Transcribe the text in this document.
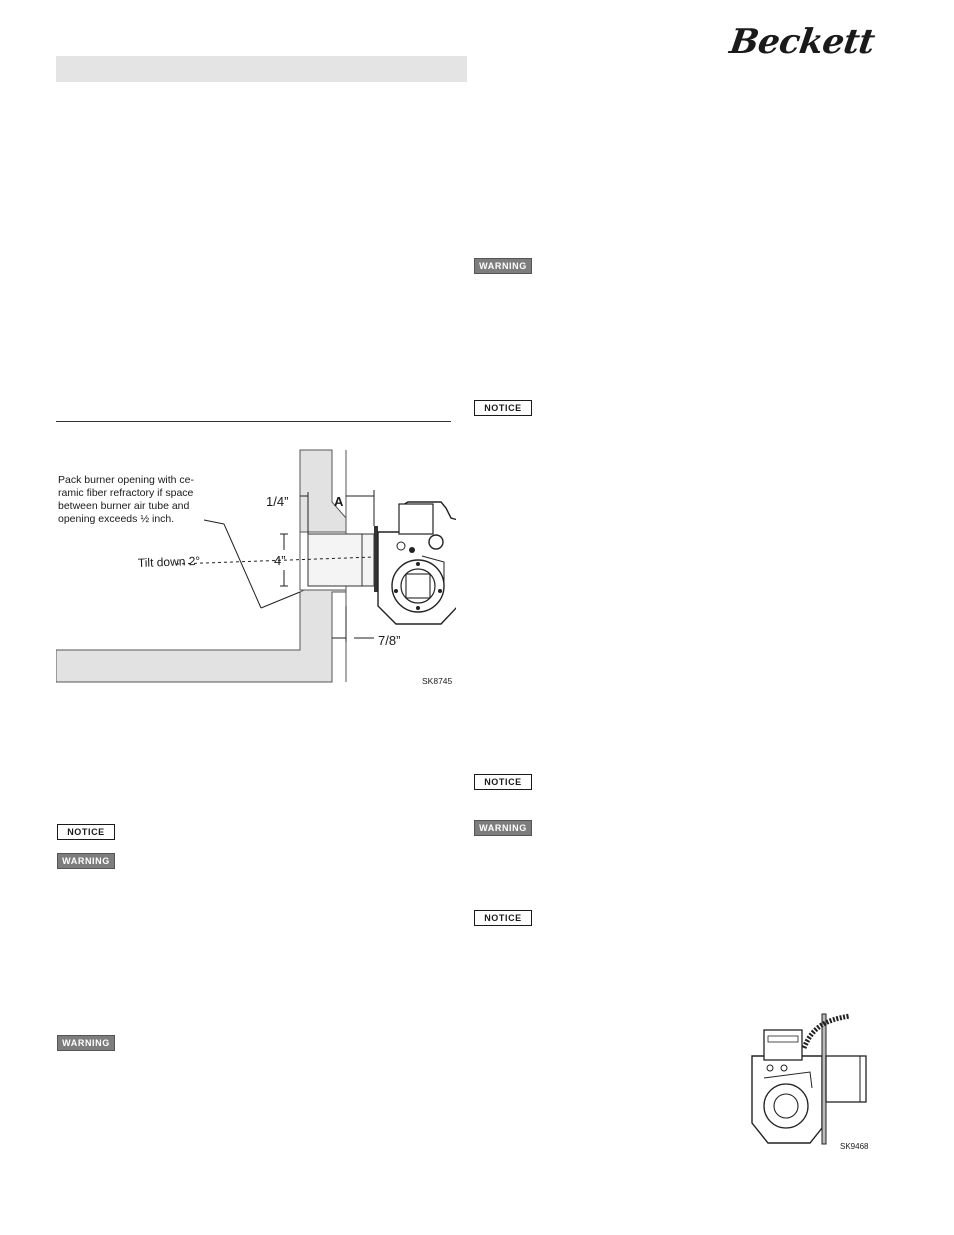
Beckett
Pack burner opening with ce-
ramic fiber refractory if space
between burner air tube and
opening exceeds ½ inch.
Tilt down 2°
1/4”	A
4”
7/8”
SK8745
NOTICE
WARNING
WARNING
WARNING
NOTICE
NOTICE
WARNING
NOTICE
SK9468
